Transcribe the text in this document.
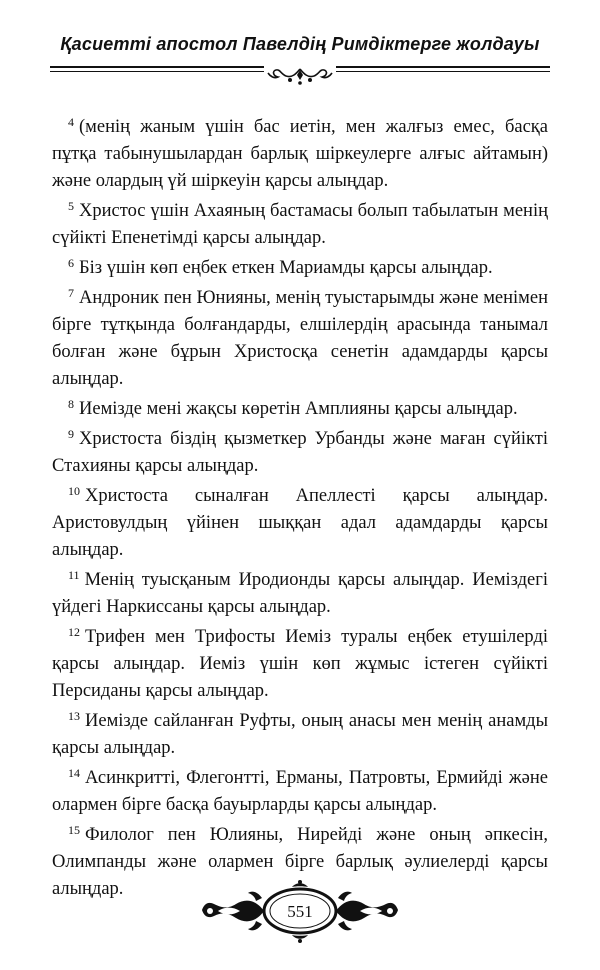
Қасиетті апостол Павелдің Римдіктерге жолдауы

$^4$ (менің жаным үшін бас иетін, мен жалғыз емес, басқа пұтқа табынушылардан барлық шіркеулерге алғыс айтамын) және олардың үй шіркеуін қарсы алыңдар.

$^5$ Христос үшін Ахаяның бастамасы болып табылатын менің сүйікті Епенетімді қарсы алыңдар.

$^6$ Біз үшін көп еңбек еткен Мариамды қарсы алыңдар.

$^7$ Андроник пен Юнияны, менің туыстарымды және менімен бірге тұтқында болғандарды, елшілердің арасында танымал болған және бұрын Христосқа сенетін адамдарды қарсы алыңдар.

$^8$ Иемізде мені жақсы көретін Амплияны қарсы алыңдар.

$^9$ Христоста біздің қызметкер Урбанды және маған сүйікті Стахияны қарсы алыңдар.

$^{10}$ Христоста сыналған Апеллесті қарсы алыңдар. Аристовулдың үйінен шыққан адал адамдарды қарсы алыңдар.

$^{11}$ Менің туысқаным Иродионды қарсы алыңдар. Иеміздегі үйдегі Наркиссаны қарсы алыңдар.

$^{12}$ Трифен мен Трифосты Иеміз туралы еңбек етушілерді қарсы алыңдар. Иеміз үшін көп жұмыс істеген сүйікті Персиданы қарсы алыңдар.

$^{13}$ Иемізде сайланған Руфты, оның анасы мен менің анамды қарсы алыңдар.

$^{14}$ Асинкритті, Флегонтті, Ерманы, Патровты, Ермийді және олармен бірге басқа бауырларды қарсы алыңдар.

$^{15}$ Филолог пен Юлияны, Нирейді және оның әпкесін, Олимпанды және олармен бірге барлық әулиелерді қарсы алыңдар.

551
